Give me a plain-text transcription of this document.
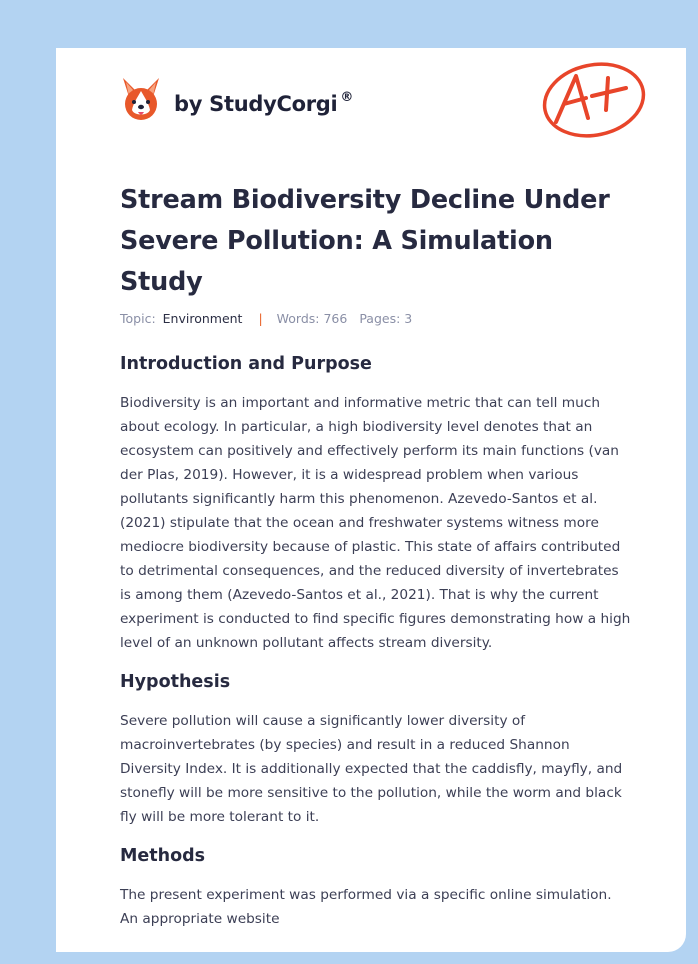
by StudyCorgi ®	A+
Stream Biodiversity Decline Under Severe Pollution: A Simulation Study
Topic: Environment | Words: 766 Pages: 3
Introduction and Purpose

Biodiversity is an important and informative metric that can tell much about ecology. In particular, a high biodiversity level denotes that an ecosystem can positively and effectively perform its main functions (van der Plas, 2019). However, it is a widespread problem when various pollutants significantly harm this phenomenon. Azevedo-Santos et al. (2021) stipulate that the ocean and freshwater systems witness more mediocre biodiversity because of plastic. This state of affairs contributed to detrimental consequences, and the reduced diversity of invertebrates is among them (Azevedo-Santos et al., 2021). That is why the current experiment is conducted to find specific figures demonstrating how a high level of an unknown pollutant affects stream diversity.

Hypothesis

Severe pollution will cause a significantly lower diversity of macroinvertebrates (by species) and result in a reduced Shannon Diversity Index. It is additionally expected that the caddisfly, mayfly, and stonefly will be more sensitive to the pollution, while the worm and black fly will be more tolerant to it.

Methods

The present experiment was performed via a specific online simulation. An appropriate website
